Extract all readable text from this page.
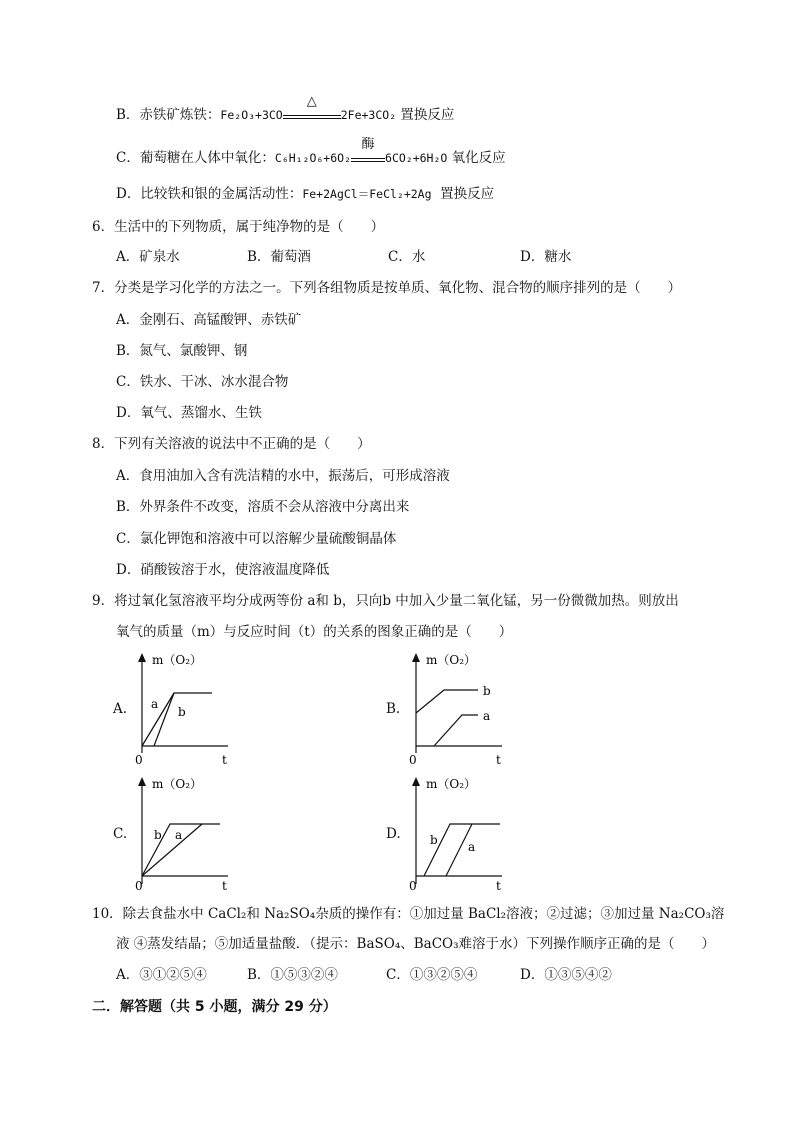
B．赤铁矿炼铁：Fe₂O₃+3CO
△
2Fe+3CO₂ 置换反应
C．葡萄糖在人体中氧化：C₆H₁₂O₆+6O₂
酶
6CO₂+6H₂O 氧化反应
D．比较铁和银的金属活动性：Fe+2AgCl＝FeCl₂+2Ag 置换反应
6．生活中的下列物质，属于纯净物的是（　　）
A．矿泉水	B．葡萄酒	C．水	D．糖水
7．分类是学习化学的方法之一。下列各组物质是按单质、氧化物、混合物的顺序排列的是（　　）
A．金刚石、高锰酸钾、赤铁矿
B．氮气、氯酸钾、钢
C．铁水、干冰、冰水混合物
D．氧气、蒸馏水、生铁
8．下列有关溶液的说法中不正确的是（　　）
A．食用油加入含有洗洁精的水中，振荡后，可形成溶液
B．外界条件不改变，溶质不会从溶液中分离出来
C．氯化钾饱和溶液中可以溶解少量硫酸铜晶体
D．硝酸铵溶于水，使溶液温度降低
9．将过氧化氢溶液平均分成两等份 a和 b，只向b 中加入少量二氧化锰，另一份微微加热。则放出
氧气的质量（m）与反应时间（t）的关系的图象正确的是（　　）
A.
m（O₂）
0	t
a
b	B.
m（O₂）
0	t
b
a
C.
m（O₂）
0	t
b a	D.
m（O₂）
0	t
b	a
10．除去食盐水中 CaCl₂和 Na₂SO₄杂质的操作有：①加过量 BaCl₂溶液；②过滤；③加过量 Na₂CO₃溶
液 ④蒸发结晶；⑤加适量盐酸．（提示：BaSO₄、BaCO₃难溶于水）下列操作顺序正确的是（　　）
A．③①②⑤④	B．①⑤③②④	C．①③②⑤④	D．①③⑤④②
二．解答题（共 5 小题，满分 29 分）
